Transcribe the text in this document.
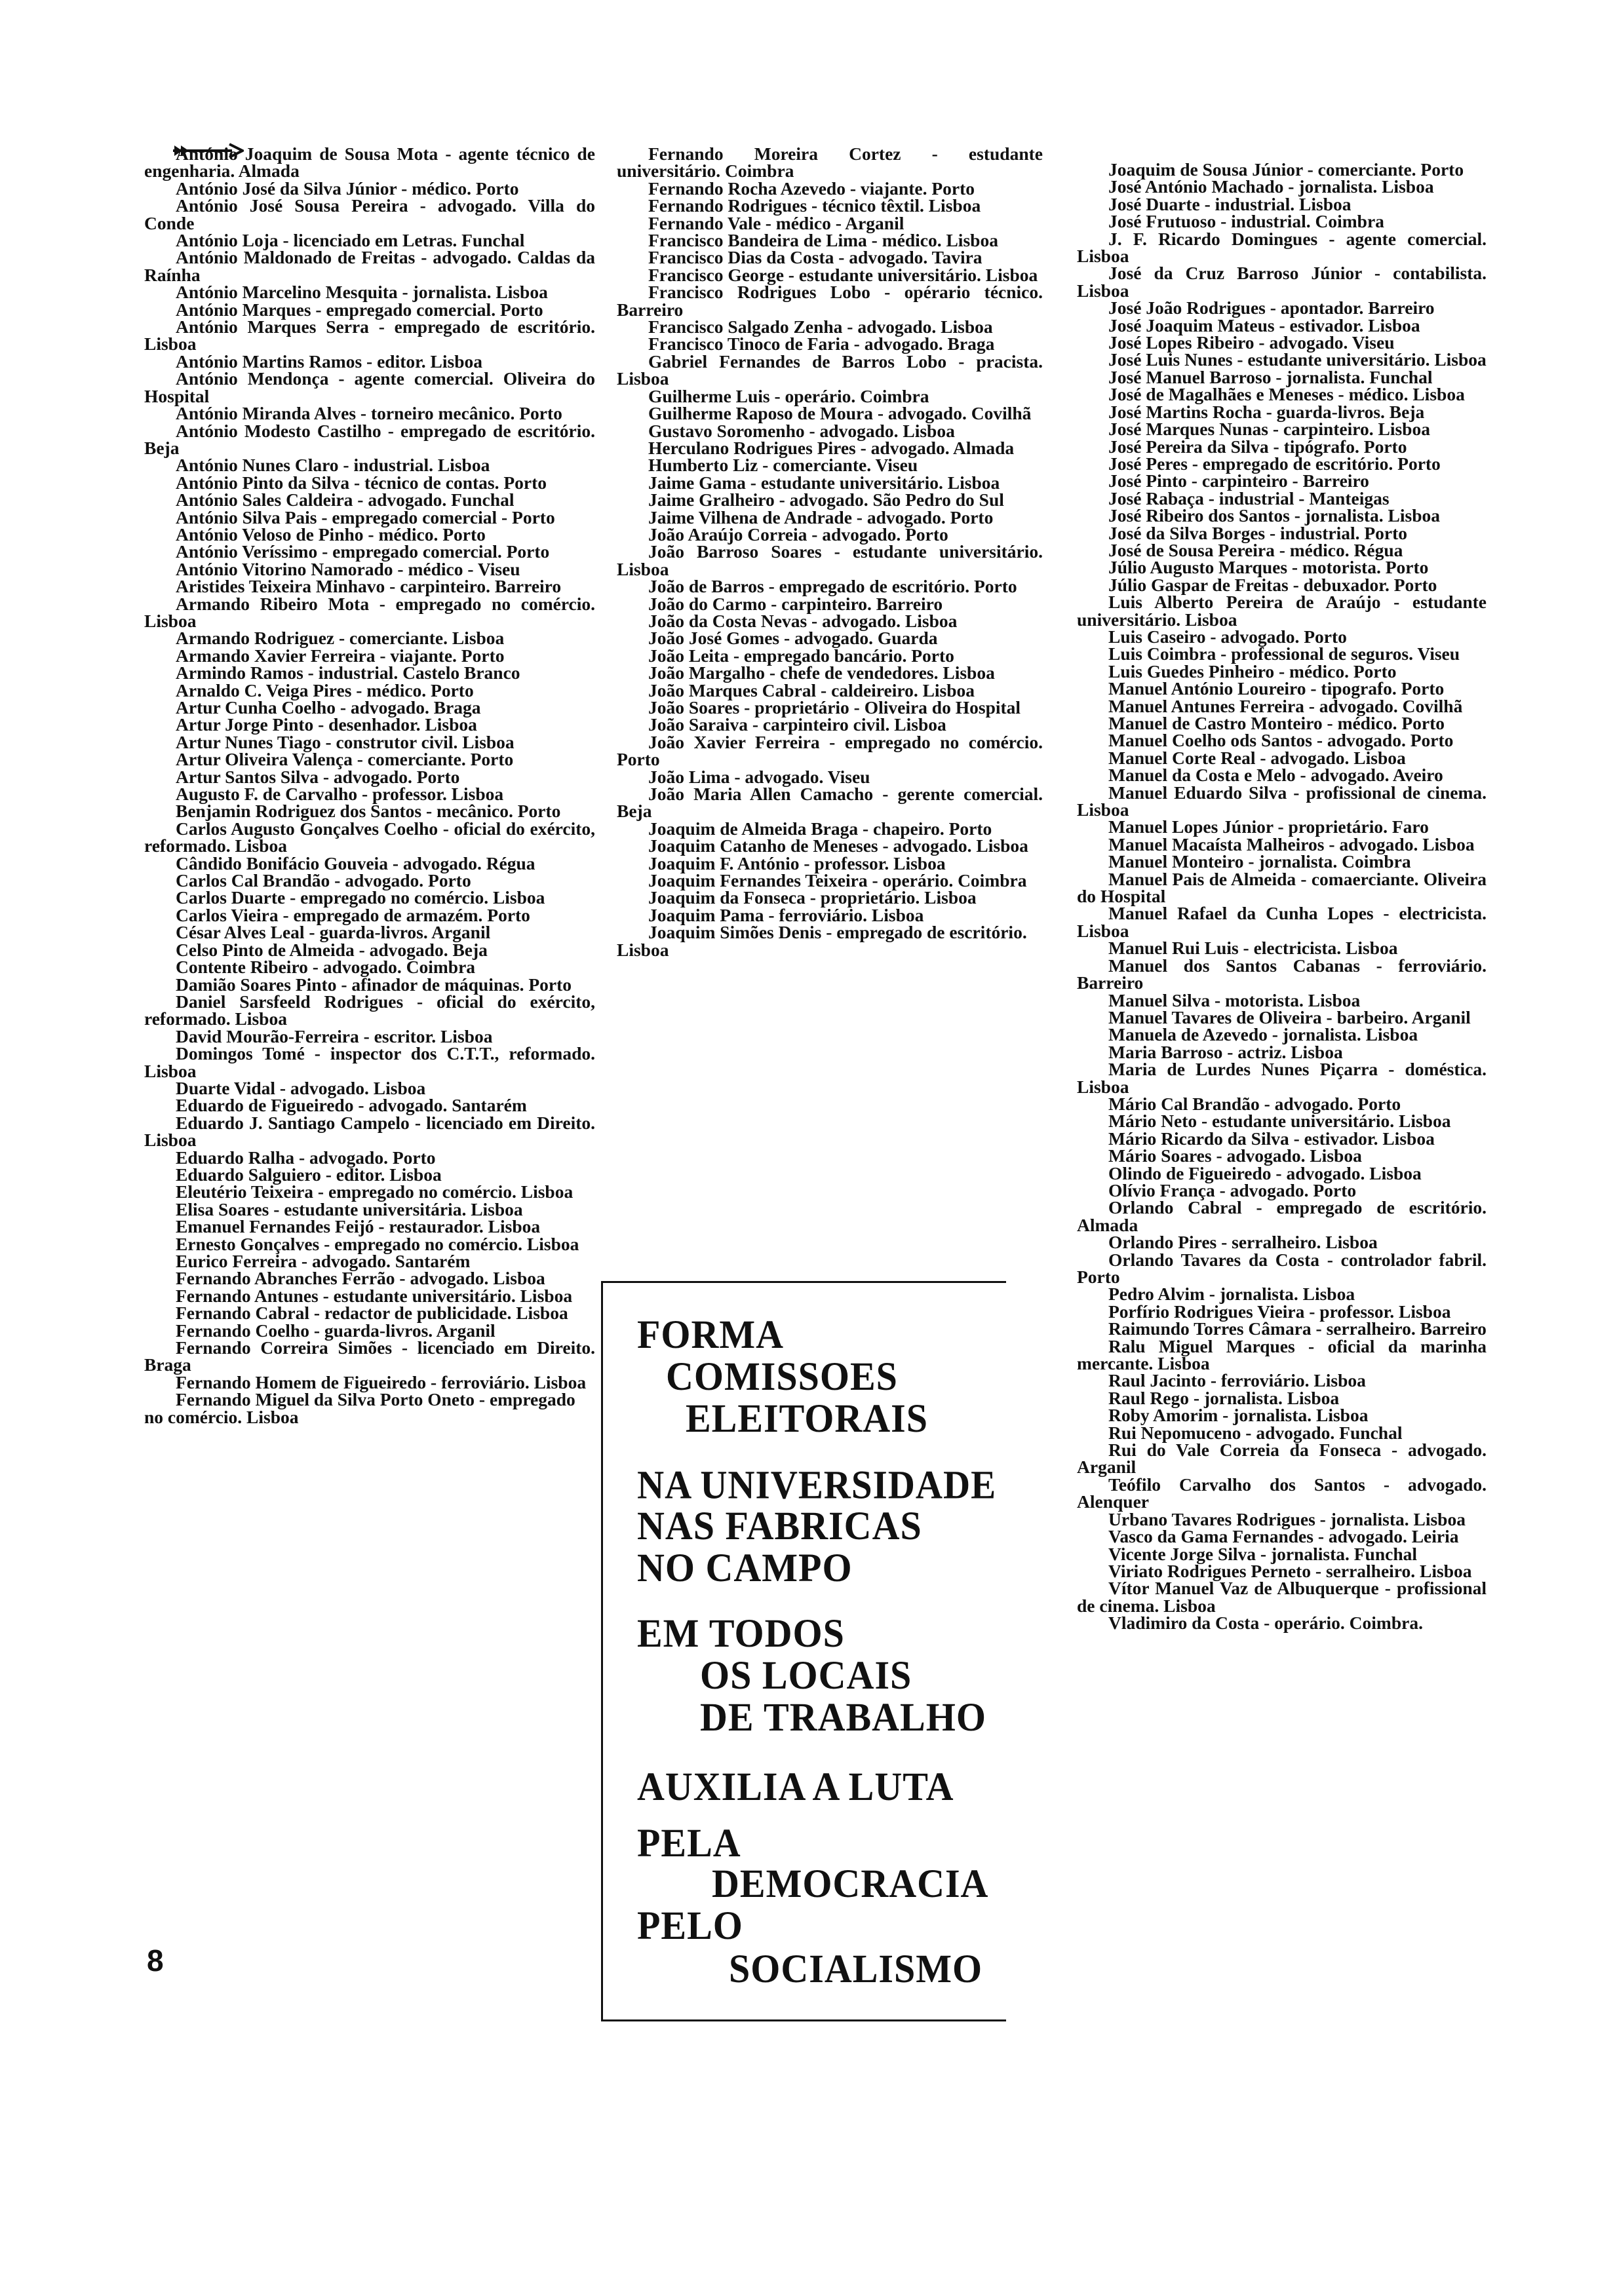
António Joaquim de Sousa Mota - agente técnico de engenharia. Almada

António José da Silva Júnior - médico. Porto

António José Sousa Pereira - advogado. Villa do Conde

António Loja - licenciado em Letras. Funchal

António Maldonado de Freitas - advogado. Caldas da Raínha

António Marcelino Mesquita - jornalista. Lisboa

António Marques - empregado comercial. Porto

António Marques Serra - empregado de escritório. Lisboa

António Martins Ramos - editor. Lisboa

António Mendonça - agente comercial. Oliveira do Hospital

António Miranda Alves - torneiro mecânico. Porto

António Modesto Castilho - empregado de escritório. Beja

António Nunes Claro - industrial. Lisboa

António Pinto da Silva - técnico de contas. Porto

António Sales Caldeira - advogado. Funchal

António Silva Pais - empregado comercial - Porto

António Veloso de Pinho - médico. Porto

António Veríssimo - empregado comercial. Porto

António Vitorino Namorado - médico - Viseu

Aristides Teixeira Minhavo - carpinteiro. Barreiro

Armando Ribeiro Mota - empregado no comércio. Lisboa

Armando Rodriguez - comerciante. Lisboa

Armando Xavier Ferreira - viajante. Porto

Armindo Ramos - industrial. Castelo Branco

Arnaldo C. Veiga Pires - médico. Porto

Artur Cunha Coelho - advogado. Braga

Artur Jorge Pinto - desenhador. Lisboa

Artur Nunes Tiago - construtor civil. Lisboa

Artur Oliveira Valença - comerciante. Porto

Artur Santos Silva - advogado. Porto

Augusto F. de Carvalho - professor. Lisboa

Benjamin Rodriguez dos Santos - mecânico. Porto

Carlos Augusto Gonçalves Coelho - oficial do exército, reformado. Lisboa

Cândido Bonifácio Gouveia - advogado. Régua

Carlos Cal Brandão - advogado. Porto

Carlos Duarte - empregado no comércio. Lisboa

Carlos Vieira - empregado de armazém. Porto

César Alves Leal - guarda-livros. Arganil

Celso Pinto de Almeida - advogado. Beja

Contente Ribeiro - advogado. Coimbra

Damião Soares Pinto - afinador de máquinas. Porto

Daniel Sarsfeeld Rodrigues - oficial do exército, reformado. Lisboa

David Mourão-Ferreira - escritor. Lisboa

Domingos Tomé - inspector dos C.T.T., reformado. Lisboa

Duarte Vidal - advogado. Lisboa

Eduardo de Figueiredo - advogado. Santarém

Eduardo J. Santiago Campelo - licenciado em Direito. Lisboa

Eduardo Ralha - advogado. Porto

Eduardo Salguiero - editor. Lisboa

Eleutério Teixeira - empregado no comércio. Lisboa

Elisa Soares - estudante universitária. Lisboa

Emanuel Fernandes Feijó - restaurador. Lisboa

Ernesto Gonçalves - empregado no comércio. Lisboa

Eurico Ferreira - advogado. Santarém

Fernando Abranches Ferrão - advogado. Lisboa

Fernando Antunes - estudante universitário. Lisboa

Fernando Cabral - redactor de publicidade. Lisboa

Fernando Coelho - guarda-livros. Arganil

Fernando Correira Simões - licenciado em Direito. Braga

Fernando Homem de Figueiredo - ferroviário. Lisboa

Fernando Miguel da Silva Porto Oneto - empregado no comércio. Lisboa

Fernando Moreira Cortez - estudante universitário. Coimbra

Fernando Rocha Azevedo - viajante. Porto

Fernando Rodrigues - técnico têxtil. Lisboa

Fernando Vale - médico - Arganil

Francisco Bandeira de Lima - médico. Lisboa

Francisco Dias da Costa - advogado. Tavira

Francisco George - estudante universitário. Lisboa

Francisco Rodrigues Lobo - opérario técnico. Barreiro

Francisco Salgado Zenha - advogado. Lisboa

Francisco Tinoco de Faria - advogado. Braga

Gabriel Fernandes de Barros Lobo - pracista. Lisboa

Guilherme Luis - operário. Coimbra

Guilherme Raposo de Moura - advogado. Covilhã

Gustavo Soromenho - advogado. Lisboa

Herculano Rodrigues Pires - advogado. Almada

Humberto Liz - comerciante. Viseu

Jaime Gama - estudante universitário. Lisboa

Jaime Gralheiro - advogado. São Pedro do Sul

Jaime Vilhena de Andrade - advogado. Porto

João Araújo Correia - advogado. Porto

João Barroso Soares - estudante universitário. Lisboa

João de Barros - empregado de escritório. Porto

João do Carmo - carpinteiro. Barreiro

João da Costa Nevas - advogado. Lisboa

João José Gomes - advogado. Guarda

João Leita - empregado bancário. Porto

João Margalho - chefe de vendedores. Lisboa

João Marques Cabral - caldeireiro. Lisboa

João Soares - proprietário - Oliveira do Hospital

João Saraiva - carpinteiro civil. Lisboa

João Xavier Ferreira - empregado no comércio. Porto

João Lima - advogado. Viseu

João Maria Allen Camacho - gerente comercial. Beja

Joaquim de Almeida Braga - chapeiro. Porto

Joaquim Catanho de Meneses - advogado. Lisboa

Joaquim F. António - professor. Lisboa

Joaquim Fernandes Teixeira - operário. Coimbra

Joaquim da Fonseca - proprietário. Lisboa

Joaquim Pama - ferroviário. Lisboa

Joaquim Simões Denis - empregado de escritório. Lisboa

Joaquim de Sousa Júnior - comerciante. Porto

José António Machado - jornalista. Lisboa

José Duarte - industrial. Lisboa

José Frutuoso - industrial. Coimbra

J. F. Ricardo Domingues - agente comercial. Lisboa

José da Cruz Barroso Júnior - contabilista. Lisboa

José João Rodrigues - apontador. Barreiro

José Joaquim Mateus - estivador. Lisboa

José Lopes Ribeiro - advogado. Viseu

José Luis Nunes - estudante universitário. Lisboa

José Manuel Barroso - jornalista. Funchal

José de Magalhães e Meneses - médico. Lisboa

José Martins Rocha - guarda-livros. Beja

José Marques Nunas - carpinteiro. Lisboa

José Pereira da Silva - tipógrafo. Porto

José Peres - empregado de escritório. Porto

José Pinto - carpinteiro - Barreiro

José Rabaça - industrial - Manteigas

José Ribeiro dos Santos - jornalista. Lisboa

José da Silva Borges - industrial. Porto

José de Sousa Pereira - médico. Régua

Júlio Augusto Marques - motorista. Porto

Júlio Gaspar de Freitas - debuxador. Porto

Luis Alberto Pereira de Araújo - estudante universitário. Lisboa

Luis Caseiro - advogado. Porto

Luis Coimbra - professional de seguros. Viseu

Luis Guedes Pinheiro - médico. Porto

Manuel António Loureiro - tipografo. Porto

Manuel Antunes Ferreira - advogado. Covilhã

Manuel de Castro Monteiro - médico. Porto

Manuel Coelho ods Santos - advogado. Porto

Manuel Corte Real - advogado. Lisboa

Manuel da Costa e Melo - advogado. Aveiro

Manuel Eduardo Silva - profissional de cinema. Lisboa

Manuel Lopes Júnior - proprietário. Faro

Manuel Macaísta Malheiros - advogado. Lisboa

Manuel Monteiro - jornalista. Coimbra

Manuel Pais de Almeida - comaerciante. Oliveira do Hospital

Manuel Rafael da Cunha Lopes - electricista. Lisboa

Manuel Rui Luis - electricista. Lisboa

Manuel dos Santos Cabanas - ferroviário. Barreiro

Manuel Silva - motorista. Lisboa

Manuel Tavares de Oliveira - barbeiro. Arganil

Manuela de Azevedo - jornalista. Lisboa

Maria Barroso - actriz. Lisboa

Maria de Lurdes Nunes Piçarra - doméstica. Lisboa

Mário Cal Brandão - advogado. Porto

Mário Neto - estudante universitário. Lisboa

Mário Ricardo da Silva - estivador. Lisboa

Mário Soares - advogado. Lisboa

Olindo de Figueiredo - advogado. Lisboa

Olívio França - advogado. Porto

Orlando Cabral - empregado de escritório. Almada

Orlando Pires - serralheiro. Lisboa

Orlando Tavares da Costa - controlador fabril. Porto

Pedro Alvim - jornalista. Lisboa

Porfírio Rodrigues Vieira - professor. Lisboa

Raimundo Torres Câmara - serralheiro. Barreiro

Ralu Miguel Marques - oficial da marinha mercante. Lisboa

Raul Jacinto - ferroviário. Lisboa

Raul Rego - jornalista. Lisboa

Roby Amorim - jornalista. Lisboa

Rui Nepomuceno - advogado. Funchal

Rui do Vale Correia da Fonseca - advogado. Arganil

Teófilo Carvalho dos Santos - advogado. Alenquer

Urbano Tavares Rodrigues - jornalista. Lisboa

Vasco da Gama Fernandes - advogado. Leiria

Vicente Jorge Silva - jornalista. Funchal

Viriato Rodrigues Perneto - serralheiro. Lisboa

Vítor Manuel Vaz de Albuquerque - profissional de cinema. Lisboa

Vladimiro da Costa - operário. Coimbra.

FORMA
COMISSOES
ELEITORAIS
NA UNIVERSIDADE
NAS FABRICAS
NO CAMPO
EM TODOS
OS LOCAIS
DE TRABALHO
AUXILIA A LUTA
PELA
DEMOCRACIA
PELO
SOCIALISMO
8
